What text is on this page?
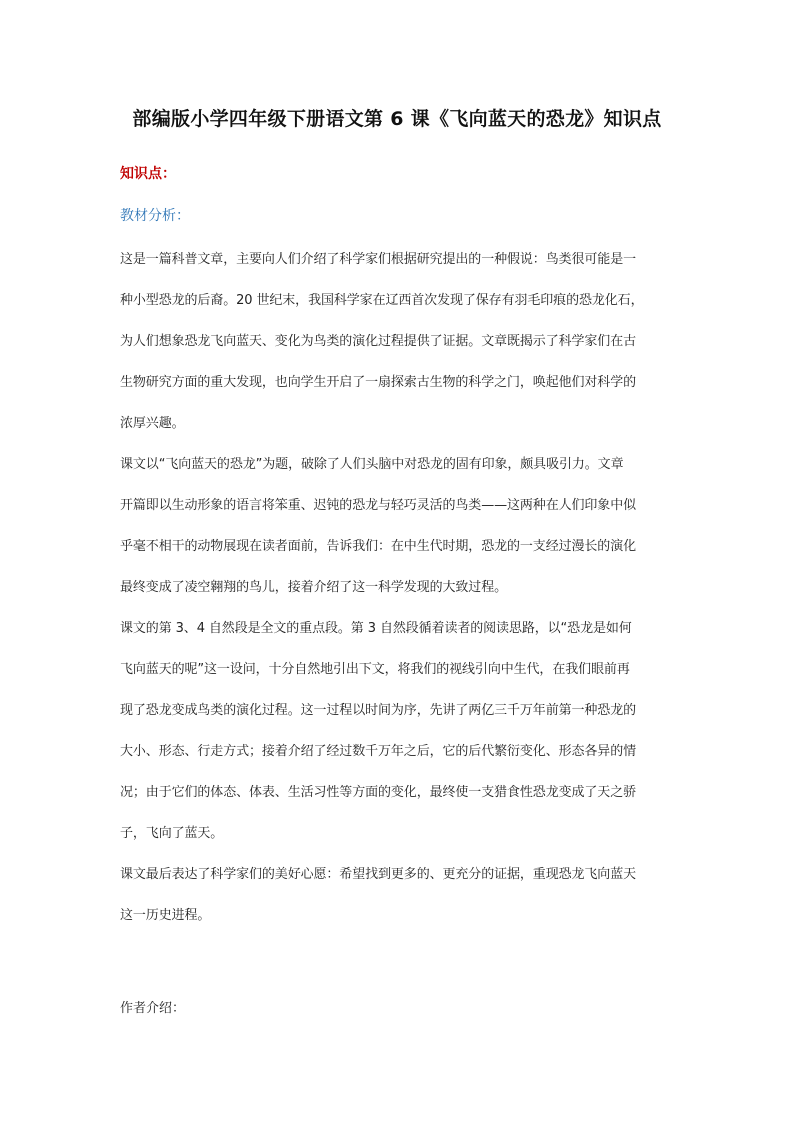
部编版小学四年级下册语文第 6 课《飞向蓝天的恐龙》知识点
知识点：
教材分析：
这是一篇科普文章，主要向人们介绍了科学家们根据研究提出的一种假说：鸟类很可能是一
种小型恐龙的后裔。20 世纪末，我国科学家在辽西首次发现了保存有羽毛印痕的恐龙化石，
为人们想象恐龙飞向蓝天、变化为鸟类的演化过程提供了证据。文章既揭示了科学家们在古
生物研究方面的重大发现，也向学生开启了一扇探索古生物的科学之门，唤起他们对科学的
浓厚兴趣。
课文以“飞向蓝天的恐龙”为题，破除了人们头脑中对恐龙的固有印象，颇具吸引力。文章
开篇即以生动形象的语言将笨重、迟钝的恐龙与轻巧灵活的鸟类——这两种在人们印象中似
乎毫不相干的动物展现在读者面前，告诉我们：在中生代时期，恐龙的一支经过漫长的演化
最终变成了凌空翱翔的鸟儿，接着介绍了这一科学发现的大致过程。
课文的第 3、4 自然段是全文的重点段。第 3 自然段循着读者的阅读思路，以“恐龙是如何
飞向蓝天的呢”这一设问，十分自然地引出下文，将我们的视线引向中生代，在我们眼前再
现了恐龙变成鸟类的演化过程。这一过程以时间为序，先讲了两亿三千万年前第一种恐龙的
大小、形态、行走方式；接着介绍了经过数千万年之后，它的后代繁衍变化、形态各异的情
况；由于它们的体态、体表、生活习性等方面的变化，最终使一支猎食性恐龙变成了天之骄
子，飞向了蓝天。
课文最后表达了科学家们的美好心愿：希望找到更多的、更充分的证据，重现恐龙飞向蓝天
这一历史进程。
作者介绍：
